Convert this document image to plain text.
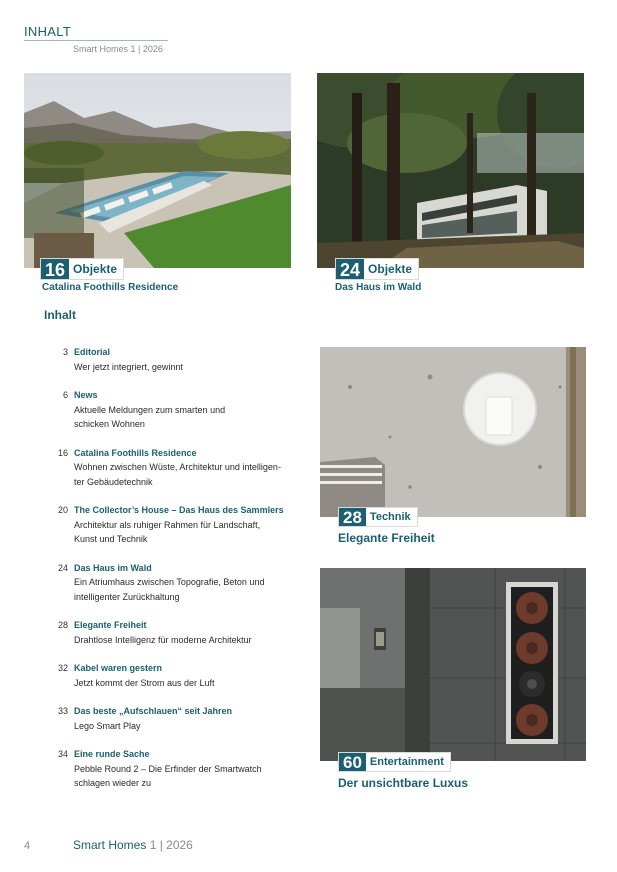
INHALT
Smart Homes 1 | 2026
16 Objekte
Catalina Foothills Residence
24 Objekte
Das Haus im Wald
Inhalt
3 Editorial
Wer jetzt integriert, gewinnt
6 News
Aktuelle Meldungen zum smarten und
schicken Wohnen
16 Catalina Foothills Residence
Wohnen zwischen Wüste, Architektur und intelligen-
ter Gebäudetechnik
20 The Collector’s House – Das Haus des Sammlers
Architektur als ruhiger Rahmen für Landschaft,
Kunst und Technik
24 Das Haus im Wald
Ein Atriumhaus zwischen Topografie, Beton und
intelligenter Zurückhaltung
28 Elegante Freiheit
Drahtlose Intelligenz für moderne Architektur
32 Kabel waren gestern
Jetzt kommt der Strom aus der Luft
33 Das beste „Aufschlauen“ seit Jahren
Lego Smart Play
34 Eine runde Sache
Pebble Round 2 – Die Erfinder der Smartwatch
schlagen wieder zu
28 Technik
Elegante Freiheit
60 Entertainment
Der unsichtbare Luxus
4	Smart Homes 1 | 2026
